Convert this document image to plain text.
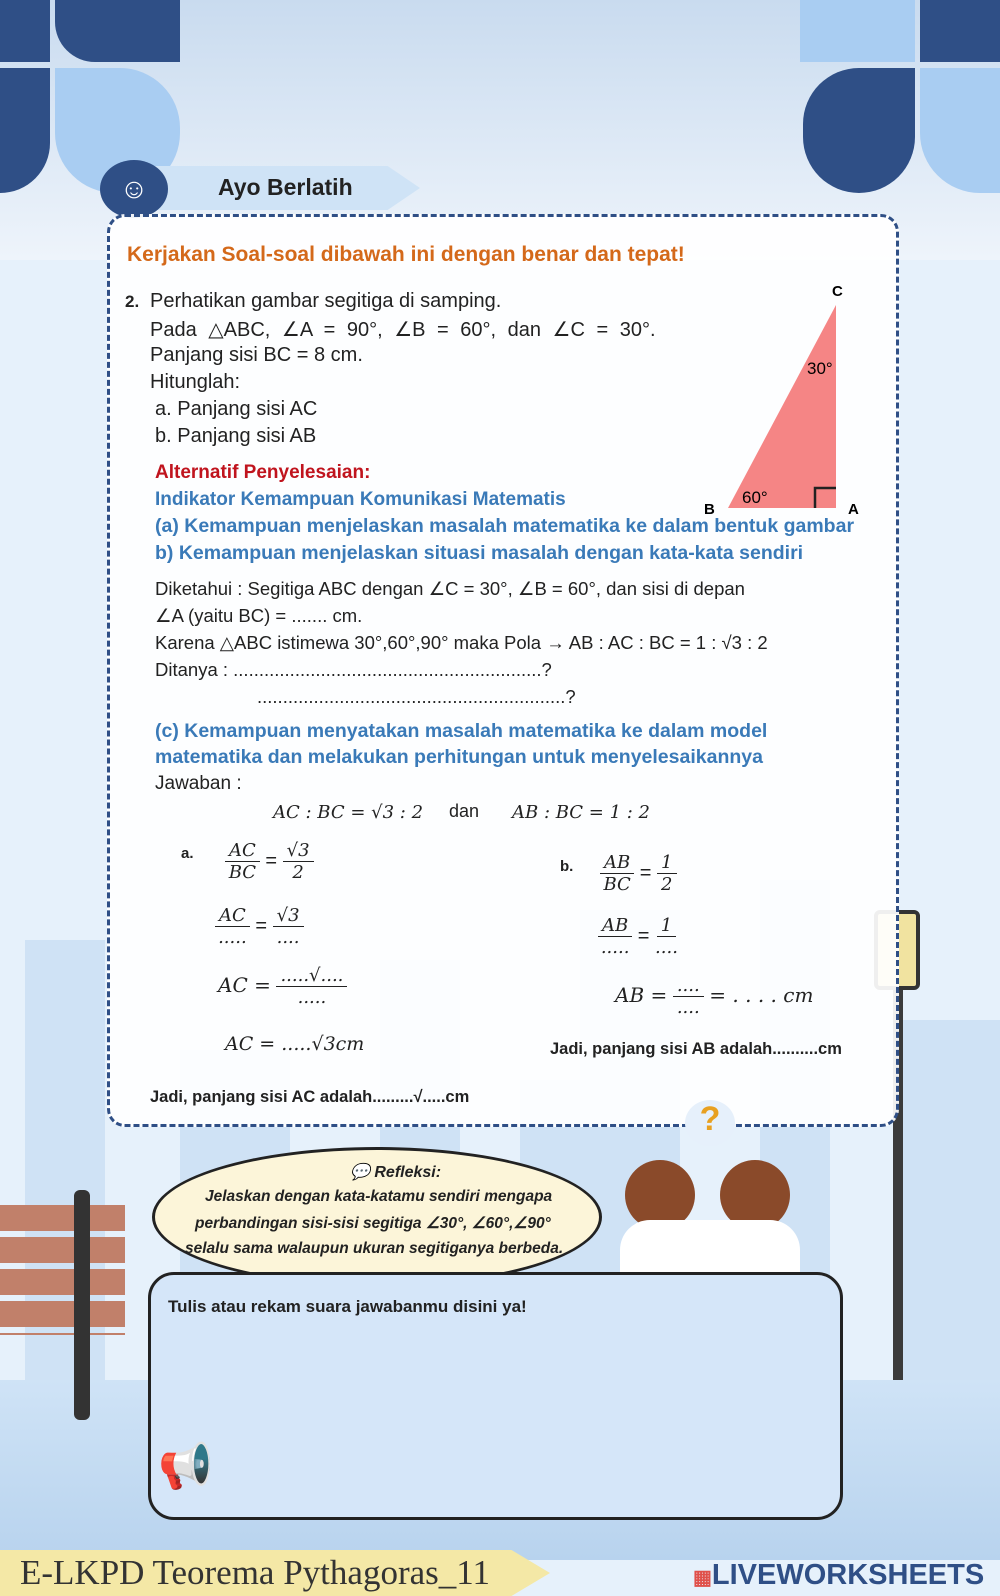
☺	Ayo Berlatih
Kerjakan Soal-soal dibawah ini dengan benar dan tepat!
2. Perhatikan gambar segitiga di samping.
Pada △ABC, ∠A = 90°, ∠B = 60°, dan ∠C = 30°.
Panjang sisi BC = 8 cm.
Hitunglah:
a. Panjang sisi AC
b. Panjang sisi AB
C
B	A
30°
60°
Alternatif Penyelesaian:
Indikator Kemampuan Komunikasi Matematis
(a) Kemampuan menjelaskan masalah matematika ke dalam bentuk gambar
b) Kemampuan menjelaskan situasi masalah dengan kata-kata sendiri
Diketahui : Segitiga ABC dengan ∠C = 30°, ∠B = 60°, dan sisi di depan
∠A (yaitu BC) = ....... cm.
Karena △ABC istimewa 30°,60°,90° maka Pola → AB : AC : BC = 1 : √3 : 2
Ditanya : ............................................................?
............................................................?
(c) Kemampuan menyatakan masalah matematika ke dalam model
matematika dan melakukan perhitungan untuk menyelesaikannya
Jawaban :
AC : BC = √3 : 2 dan AB : BC = 1 : 2
a. $\frac{AC}{BC} = \frac{√3}{2}$
$\frac{AC}{.....} = \frac{√3}{....}$
AC = $\frac{.....√....}{.....}$
AC = .....√3cm
Jadi, panjang sisi AC adalah.........√.....cm
b. $\frac{AB}{BC} = \frac{1}{2}$
$\frac{AB}{.....} = \frac{1}{....}$
AB = $\frac{....}{....}$ = . . . . cm
Jadi, panjang sisi AB adalah..........cm
💬 Refleksi:
Jelaskan dengan kata-katamu sendiri mengapa
perbandingan sisi-sisi segitiga ∠30°, ∠60°,∠90°
selalu sama walaupun ukuran segitiganya berbeda.
?
Tulis atau rekam suara jawabanmu disini ya!
📢
E-LKPD Teorema Pythagoras_11	▦LIVEWORKSHEETS
